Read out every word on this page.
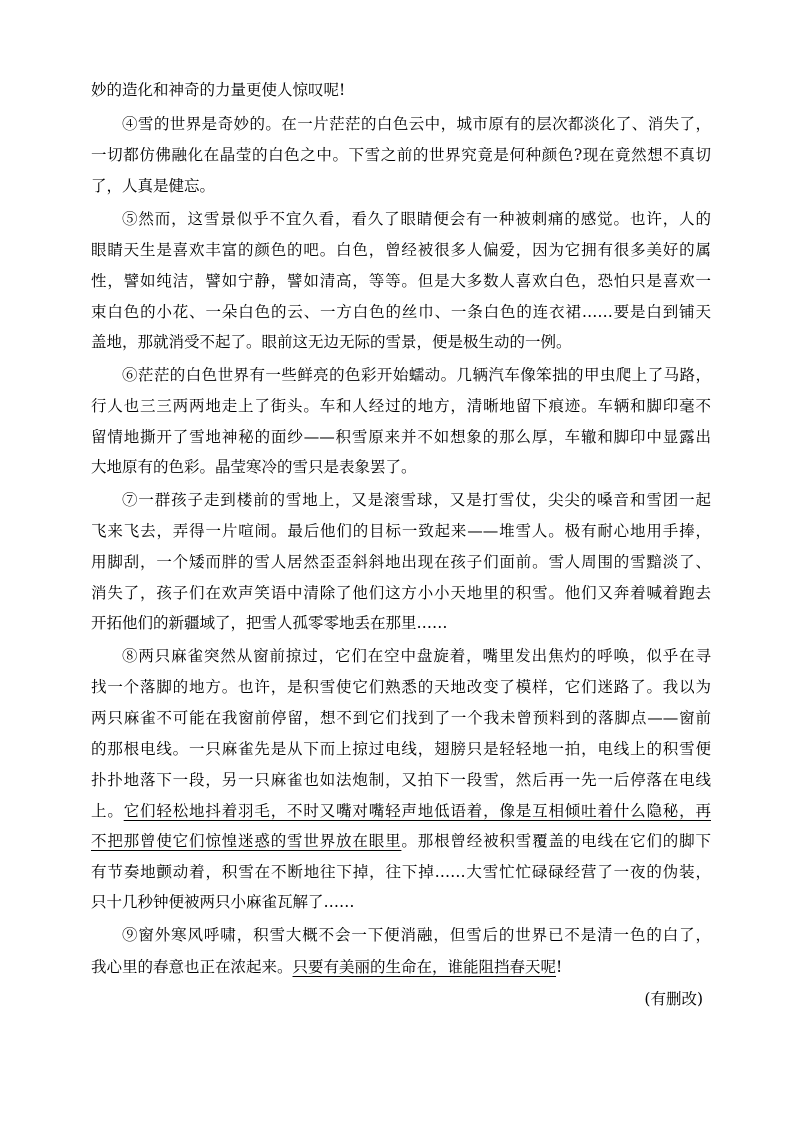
妙的造化和神奇的力量更使人惊叹呢!
④雪的世界是奇妙的。在一片茫茫的白色云中，城市原有的层次都淡化了、消失了，
一切都仿佛融化在晶莹的白色之中。下雪之前的世界究竟是何种颜色?现在竟然想不真切
了，人真是健忘。
⑤然而，这雪景似乎不宜久看，看久了眼睛便会有一种被刺痛的感觉。也许，人的
眼睛天生是喜欢丰富的颜色的吧。白色，曾经被很多人偏爱，因为它拥有很多美好的属
性，譬如纯洁，譬如宁静，譬如清高，等等。但是大多数人喜欢白色，恐怕只是喜欢一
束白色的小花、一朵白色的云、一方白色的丝巾、一条白色的连衣裙……要是白到铺天
盖地，那就消受不起了。眼前这无边无际的雪景，便是极生动的一例。
⑥茫茫的白色世界有一些鲜亮的色彩开始蠕动。几辆汽车像笨拙的甲虫爬上了马路，
行人也三三两两地走上了街头。车和人经过的地方，清晰地留下痕迹。车辆和脚印毫不
留情地撕开了雪地神秘的面纱——积雪原来并不如想象的那么厚，车辙和脚印中显露出
大地原有的色彩。晶莹寒冷的雪只是表象罢了。
⑦一群孩子走到楼前的雪地上，又是滚雪球，又是打雪仗，尖尖的嗓音和雪团一起
飞来飞去，弄得一片喧闹。最后他们的目标一致起来——堆雪人。极有耐心地用手捧，
用脚刮，一个矮而胖的雪人居然歪歪斜斜地出现在孩子们面前。雪人周围的雪黯淡了、
消失了，孩子们在欢声笑语中清除了他们这方小小天地里的积雪。他们又奔着喊着跑去
开拓他们的新疆域了，把雪人孤零零地丢在那里……
⑧两只麻雀突然从窗前掠过，它们在空中盘旋着，嘴里发出焦灼的呼唤，似乎在寻
找一个落脚的地方。也许，是积雪使它们熟悉的天地改变了模样，它们迷路了。我以为
两只麻雀不可能在我窗前停留，想不到它们找到了一个我未曾预料到的落脚点——窗前
的那根电线。一只麻雀先是从下而上掠过电线，翅膀只是轻轻地一拍，电线上的积雪便
扑扑地落下一段，另一只麻雀也如法炮制，又拍下一段雪，然后再一先一后停落在电线
上。它们轻松地抖着羽毛，不时又嘴对嘴轻声地低语着，像是互相倾吐着什么隐秘，再
不把那曾使它们惊惶迷惑的雪世界放在眼里。那根曾经被积雪覆盖的电线在它们的脚下
有节奏地颤动着，积雪在不断地往下掉，往下掉……大雪忙忙碌碌经营了一夜的伪装，
只十几秒钟便被两只小麻雀瓦解了……
⑨窗外寒风呼啸，积雪大概不会一下便消融，但雪后的世界已不是清一色的白了，
我心里的春意也正在浓起来。只要有美丽的生命在，谁能阻挡春天呢!
(有删改)
